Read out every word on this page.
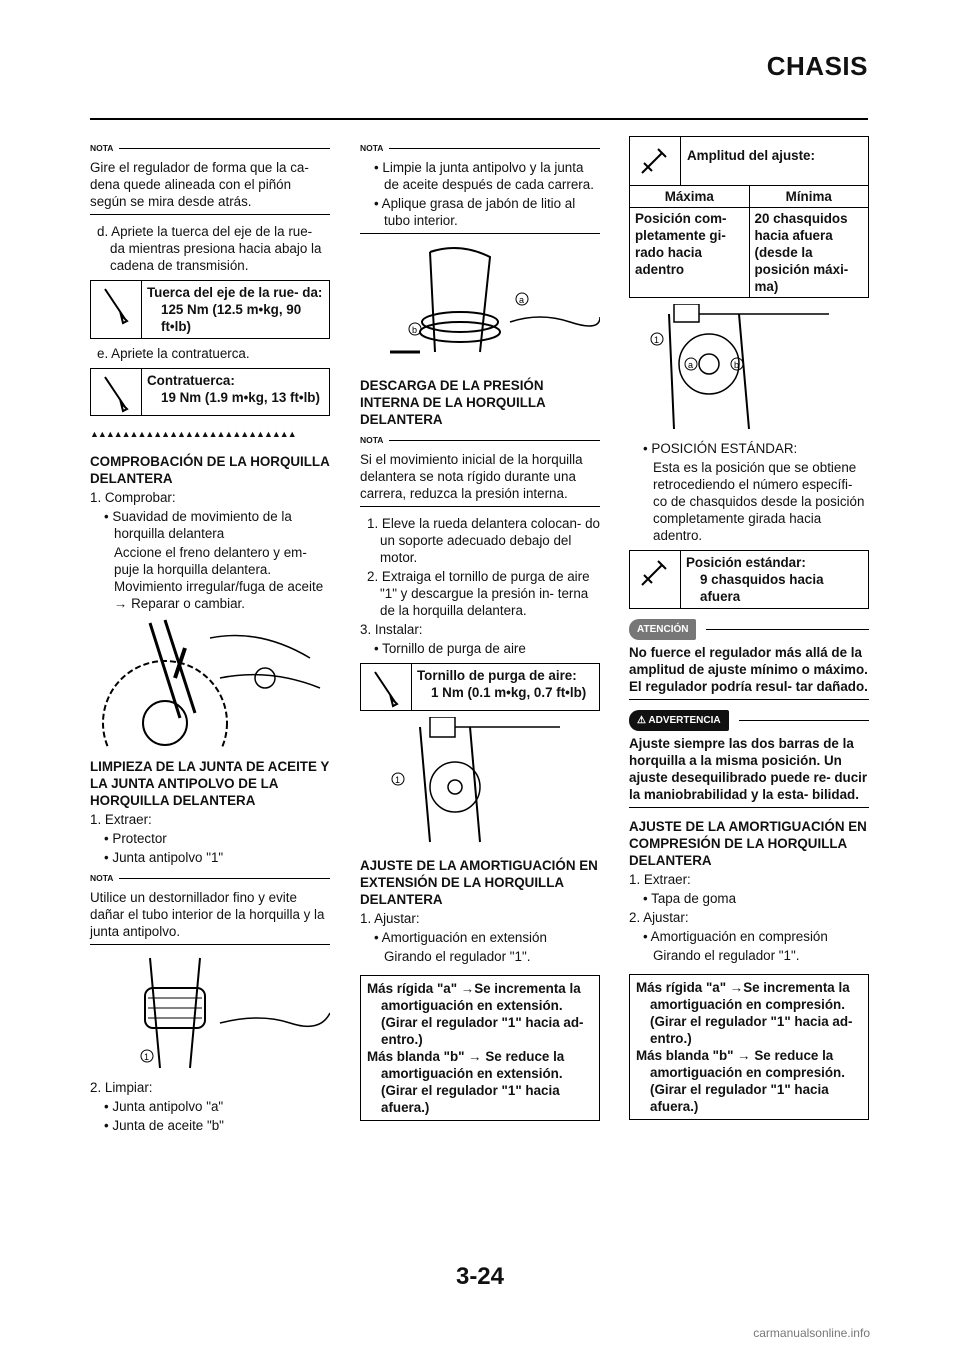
CHASIS
NOTA

Gire el regulador de forma que la ca- dena quede alineada con el piñón según se mira desde atrás.

d. Apriete la tuerca del eje de la rue- da mientras presiona hacia abajo la cadena de transmisión.

Tuerca del eje de la rue- da:
125 Nm (12.5 m•kg, 90 ft•lb)

e. Apriete la contratuerca.

Contratuerca:
19 Nm (1.9 m•kg, 13 ft•lb)
▲▲▲▲▲▲▲▲▲▲▲▲▲▲▲▲▲▲▲▲▲▲▲▲▲▲

COMPROBACIÓN DE LA HORQUILLA DELANTERA

1. Comprobar:

• Suavidad de movimiento de la horquilla delantera

Accione el freno delantero y em- puje la horquilla delantera. Movimiento irregular/fuga de aceite → Reparar o cambiar.

LIMPIEZA DE LA JUNTA DE ACEITE Y LA JUNTA ANTIPOLVO DE LA HORQUILLA DELANTERA

1. Extraer:

• Protector

• Junta antipolvo "1"

NOTA

Utilice un destornillador fino y evite dañar el tubo interior de la horquilla y la junta antipolvo.

1

2. Limpiar:

• Junta antipolvo "a"

• Junta de aceite "b"

NOTA

• Limpie la junta antipolvo y la junta de aceite después de cada carrera.

• Aplique grasa de jabón de litio al tubo interior.

a
b

DESCARGA DE LA PRESIÓN INTERNA DE LA HORQUILLA DELANTERA

NOTA

Si el movimiento inicial de la horquilla delantera se nota rígido durante una carrera, reduzca la presión interna.

1. Eleve la rueda delantera colocan- do un soporte adecuado debajo del motor.

2. Extraiga el tornillo de purga de aire "1" y descargue la presión in- terna de la horquilla delantera.

3. Instalar:

• Tornillo de purga de aire

Tornillo de purga de aire:
1 Nm (0.1 m•kg, 0.7 ft•lb)
1

AJUSTE DE LA AMORTIGUACIÓN EN EXTENSIÓN DE LA HORQUILLA DELANTERA

1. Ajustar:

• Amortiguación en extensión

Girando el regulador "1".

Más rígida "a" →Se incrementa la
amortiguación en extensión.
(Girar el regulador "1" hacia ad- entro.)
Más blanda "b" → Se reduce la
amortiguación en extensión.
(Girar el regulador "1" hacia afuera.)
Amplitud del ajuste:
Máxima	Mínima
Posición com- pletamente gi- rado hacia adentro	20 chasquidos hacia afuera (desde la posición máxi- ma)
1
a	b

• POSICIÓN ESTÁNDAR:

Esta es la posición que se obtiene retrocediendo el número específi- co de chasquidos desde la posición completamente girada hacia adentro.

Posición estándar:
9 chasquidos hacia afuera
ATENCIÓN

No fuerce el regulador más allá de la amplitud de ajuste mínimo o máximo. El regulador podría resul- tar dañado.

⚠ ADVERTENCIA

Ajuste siempre las dos barras de la horquilla a la misma posición. Un ajuste desequilibrado puede re- ducir la maniobrabilidad y la esta- bilidad.

AJUSTE DE LA AMORTIGUACIÓN EN COMPRESIÓN DE LA HORQUILLA DELANTERA

1. Extraer:

• Tapa de goma

2. Ajustar:

• Amortiguación en compresión

Girando el regulador "1".

Más rígida "a" →Se incrementa la
amortiguación en compresión.
(Girar el regulador "1" hacia ad- entro.)
Más blanda "b" → Se reduce la
amortiguación en compresión.
(Girar el regulador "1" hacia afuera.)
3-24
carmanualsonline.info
